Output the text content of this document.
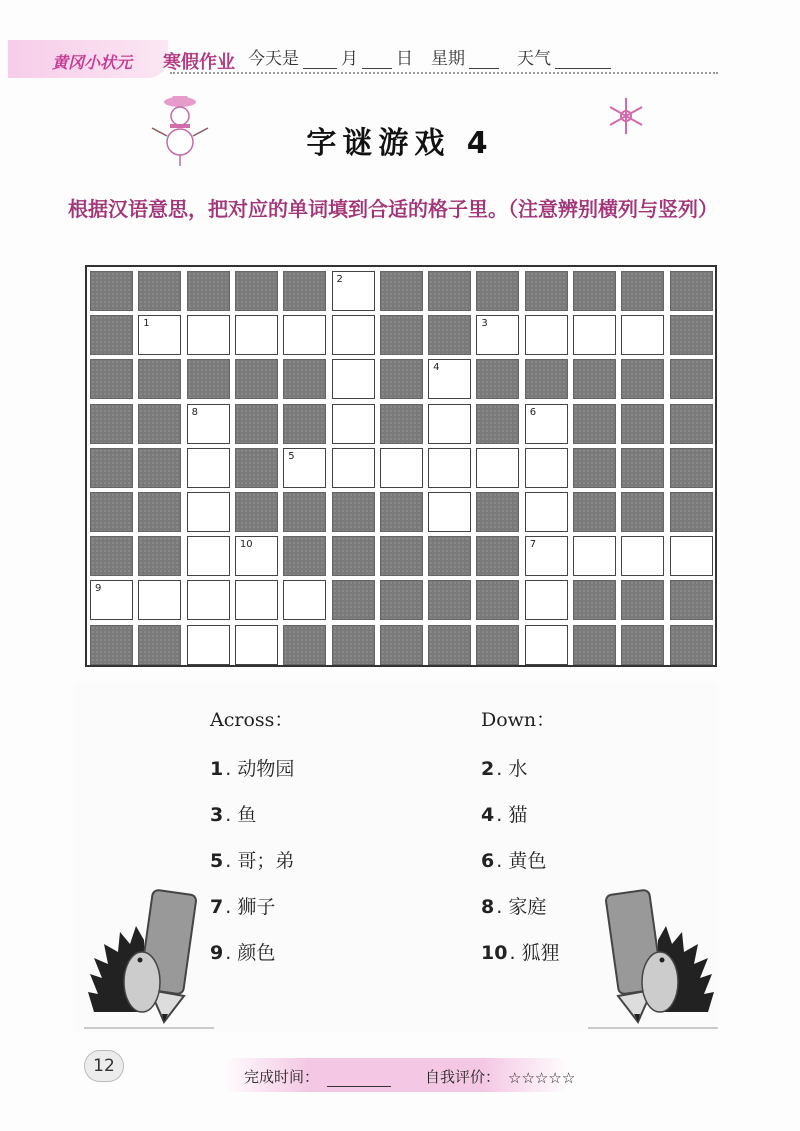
黄冈小状元 寒假作业 今天是 月 日 星期	天气
字谜游戏 4
根据汉语意思，把对应的单词填到合适的格子里。（注意辨别横列与竖列）
2
1	3
4
8	6
5
10	7
9
Across：
1 . 动物园
3 . 鱼
5 . 哥；弟
7 . 狮子
9 . 颜色
Down：
2 . 水
4 . 猫
6 . 黄色
8 . 家庭
10 . 狐狸
12
完成时间：	自我评价： ☆☆☆☆☆
